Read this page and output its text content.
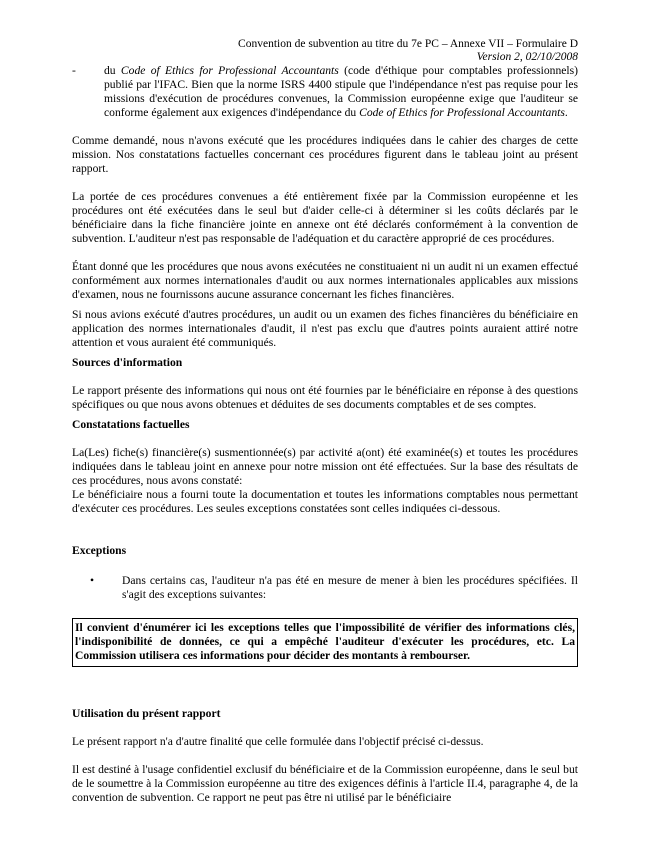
Convention de subvention au titre du 7e PC – Annexe VII – Formulaire D
Version 2, 02/10/2008

- du Code of Ethics for Professional Accountants (code d'éthique pour comptables professionnels) publié par l'IFAC. Bien que la norme ISRS 4400 stipule que l'indépendance n'est pas requise pour les missions d'exécution de procédures convenues, la Commission européenne exige que l'auditeur se conforme également aux exigences d'indépendance du Code of Ethics for Professional Accountants.

Comme demandé, nous n'avons exécuté que les procédures indiquées dans le cahier des charges de cette mission. Nos constatations factuelles concernant ces procédures figurent dans le tableau joint au présent rapport.

La portée de ces procédures convenues a été entièrement fixée par la Commission européenne et les procédures ont été exécutées dans le seul but d'aider celle-ci à déterminer si les coûts déclarés par le bénéficiaire dans la fiche financière jointe en annexe ont été déclarés conformément à la convention de subvention. L'auditeur n'est pas responsable de l'adéquation et du caractère approprié de ces procédures.

Étant donné que les procédures que nous avons exécutées ne constituaient ni un audit ni un examen effectué conformément aux normes internationales d'audit ou aux normes internationales applicables aux missions d'examen, nous ne fournissons aucune assurance concernant les fiches financières.

Si nous avions exécuté d'autres procédures, un audit ou un examen des fiches financières du bénéficiaire en application des normes internationales d'audit, il n'est pas exclu que d'autres points auraient attiré notre attention et vous auraient été communiqués.

Sources d'information

Le rapport présente des informations qui nous ont été fournies par le bénéficiaire en réponse à des questions spécifiques ou que nous avons obtenues et déduites de ses documents comptables et de ses comptes.

Constatations factuelles

La(Les) fiche(s) financière(s) susmentionnée(s) par activité a(ont) été examinée(s) et toutes les procédures indiquées dans le tableau joint en annexe pour notre mission ont été effectuées. Sur la base des résultats de ces procédures, nous avons constaté:

Le bénéficiaire nous a fourni toute la documentation et toutes les informations comptables nous permettant d'exécuter ces procédures. Les seules exceptions constatées sont celles indiquées ci-dessous.

Exceptions

• Dans certains cas, l'auditeur n'a pas été en mesure de mener à bien les procédures spécifiées. Il s'agit des exceptions suivantes:

Il convient d'énumérer ici les exceptions telles que l'impossibilité de vérifier des informations clés, l'indisponibilité de données, ce qui a empêché l'auditeur d'exécuter les procédures, etc. La Commission utilisera ces informations pour décider des montants à rembourser.
Utilisation du présent rapport

Le présent rapport n'a d'autre finalité que celle formulée dans l'objectif précisé ci-dessus.

Il est destiné à l'usage confidentiel exclusif du bénéficiaire et de la Commission européenne, dans le seul but de le soumettre à la Commission européenne au titre des exigences définis à l'article II.4, paragraphe 4, de la convention de subvention. Ce rapport ne peut pas être ni utilisé par le bénéficiaire
